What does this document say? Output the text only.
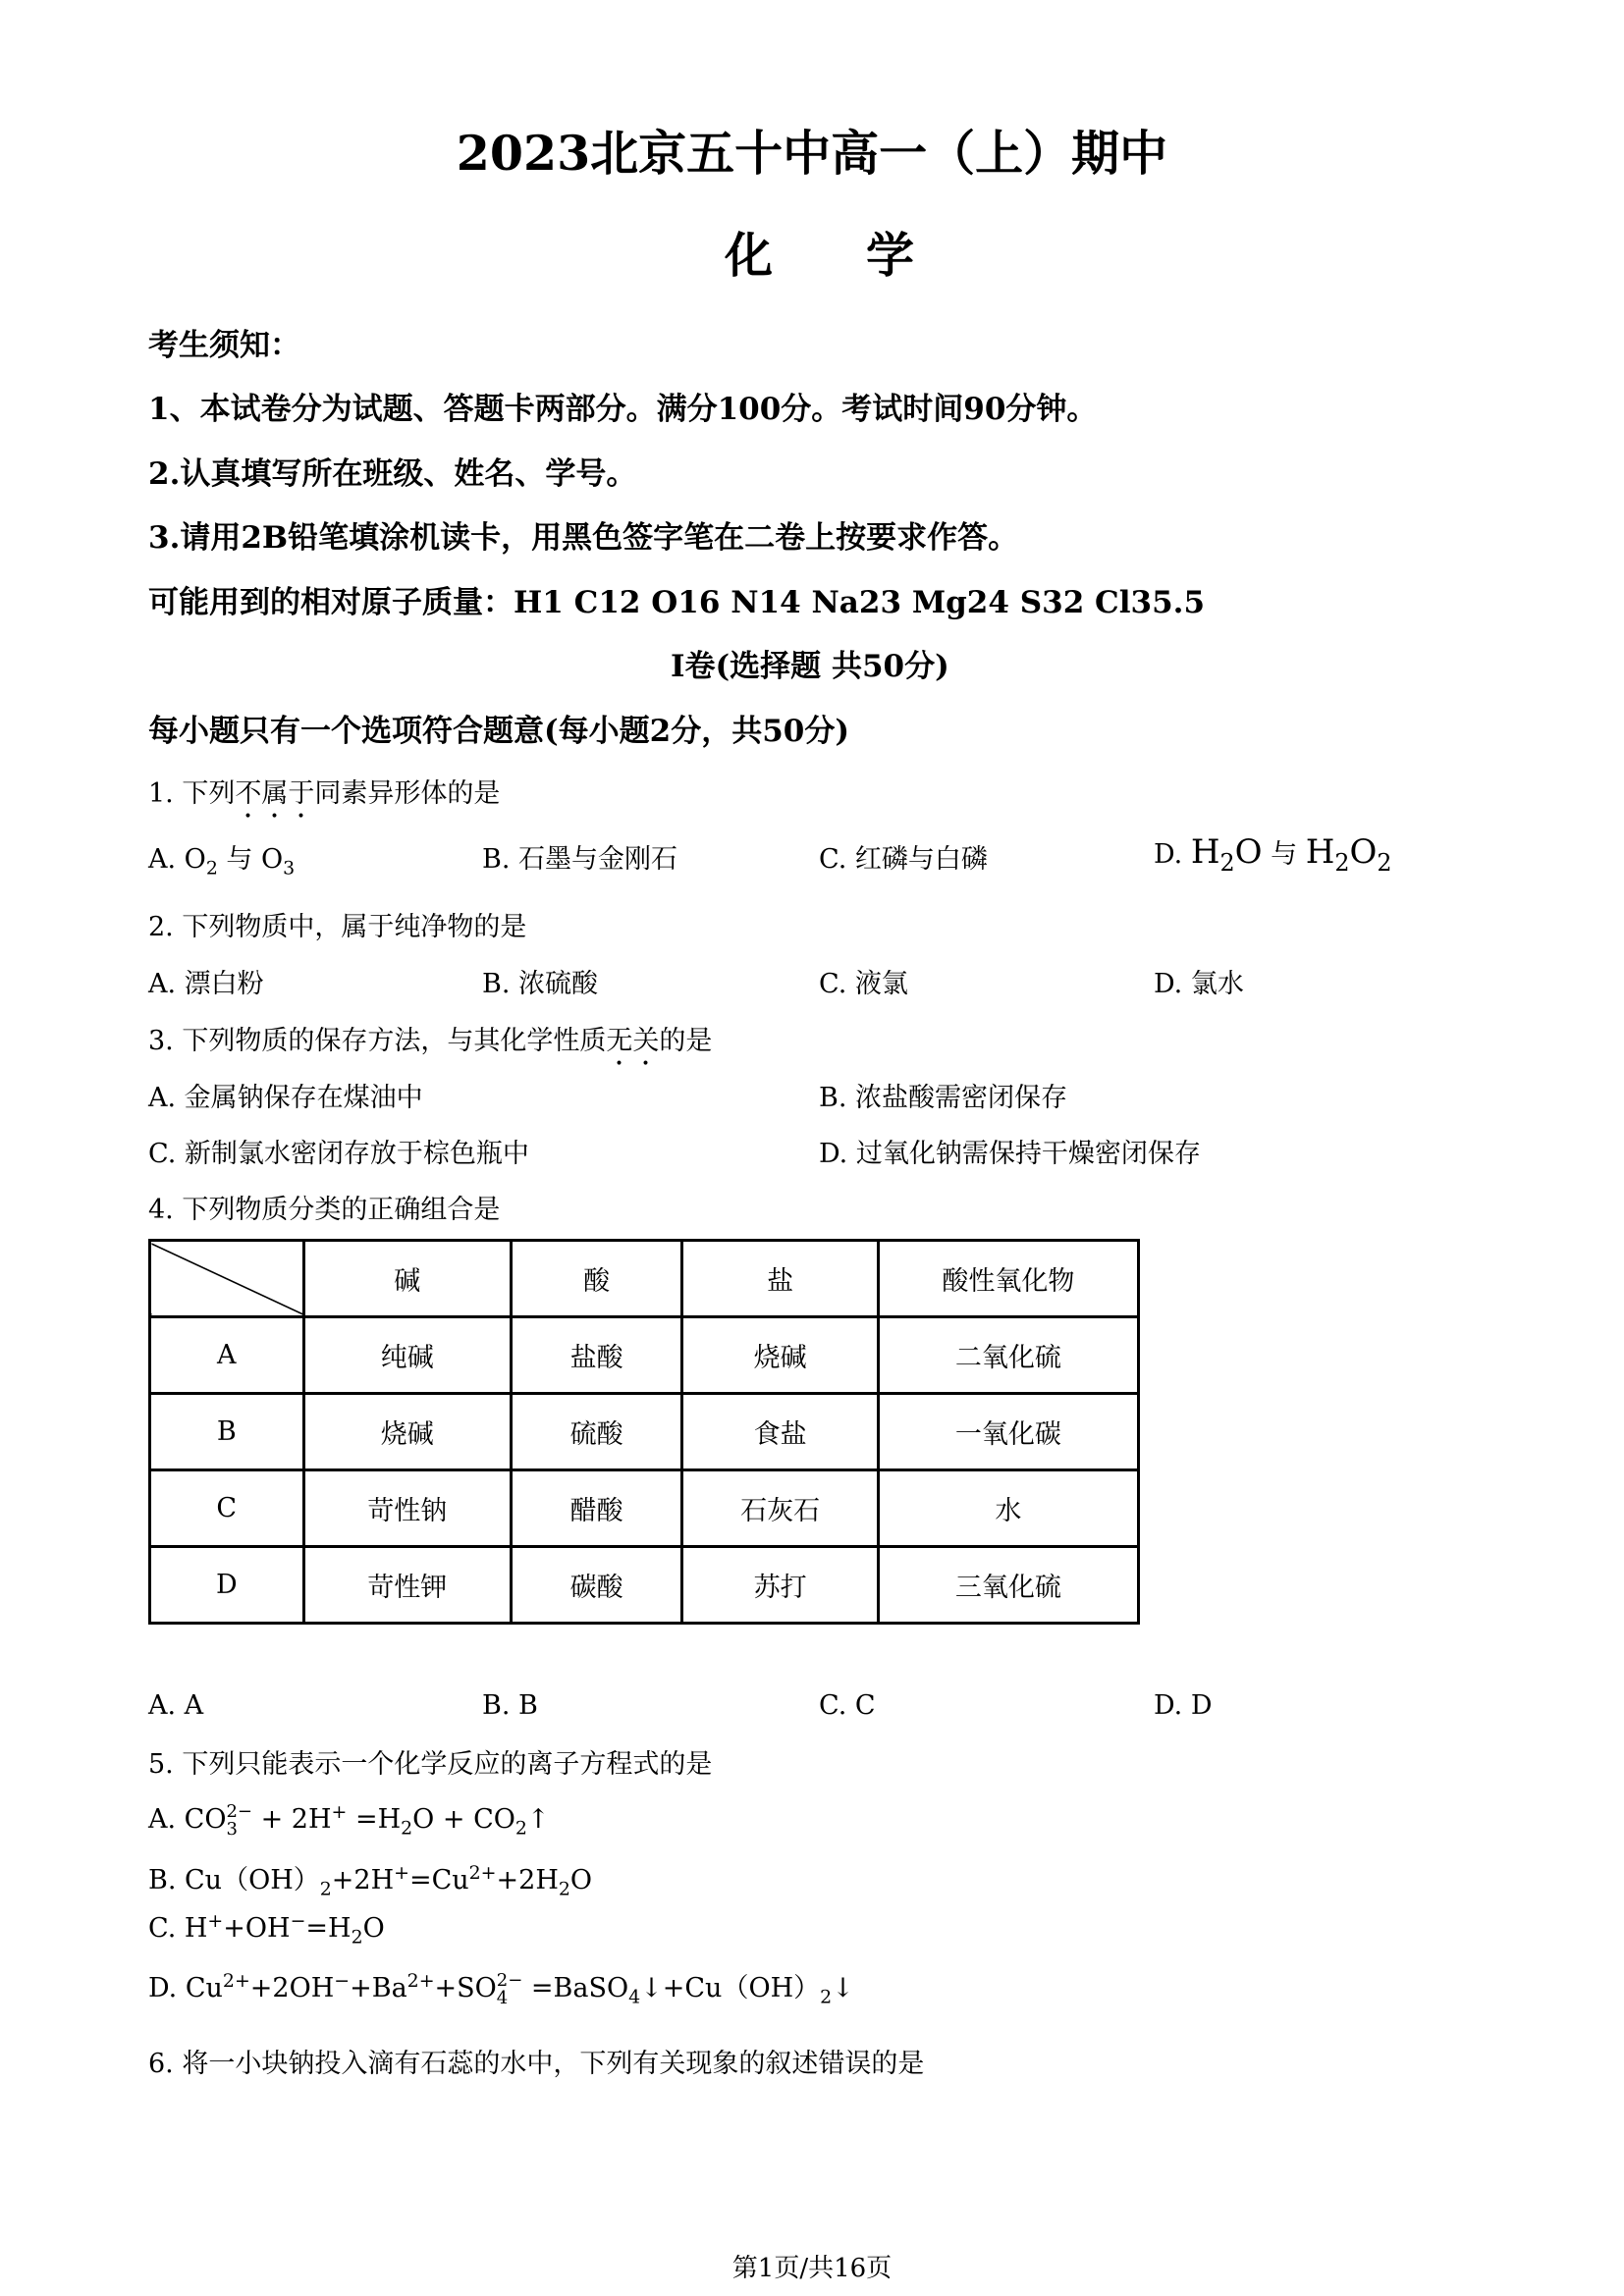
2023北京五十中高一（上）期中
化 学
考生须知：
1、本试卷分为试题、答题卡两部分。满分100分。考试时间90分钟。
2.认真填写所在班级、姓名、学号。
3.请用2B铅笔填涂机读卡，用黑色签字笔在二卷上按要求作答。
可能用到的相对原子质量：H1 C12 O16 N14 Na23 Mg24 S32 Cl35.5
I卷(选择题 共50分)
每小题只有一个选项符合题意(每小题2分，共50分)
1. 下列不属于同素异形体的是
A. $O_2$ 与 $O_3$	B. 石墨与金刚石	C. 红磷与白磷	D. $H_2O$ 与 $H_2O_2$
2. 下列物质中，属于纯净物的是
A. 漂白粉	B. 浓硫酸	C. 液氯	D. 氯水
3. 下列物质的保存方法，与其化学性质无关的是
A. 金属钠保存在煤油中	B. 浓盐酸需密闭保存
C. 新制氯水密闭存放于棕色瓶中	D. 过氧化钠需保持干燥密闭保存
4. 下列物质分类的正确组合是
	碱	酸	盐	酸性氧化物
A	纯碱	盐酸	烧碱	二氧化硫
B	烧碱	硫酸	食盐	一氧化碳
C	苛性钠	醋酸	石灰石	水
D	苛性钾	碳酸	苏打	三氧化硫
A. A	B. B	C. C	D. D
5. 下列只能表示一个化学反应的离子方程式的是
A. CO 2−
$3 + 2H^+ =H_2O$ + $CO_2↑$
B. $Cu(OH)_2+2H^+=Cu^{2+}+2H_2O$
C. $H^++OH^-=H_2O$
D. $Cu^{2+}+2OH^-+Ba^{2+}+SO$ 2−
$4 =BaSO_4↓+Cu(OH)_2↓$
6. 将一小块钠投入滴有石蕊的水中，下列有关现象的叙述错误的是
第1页/共16页
